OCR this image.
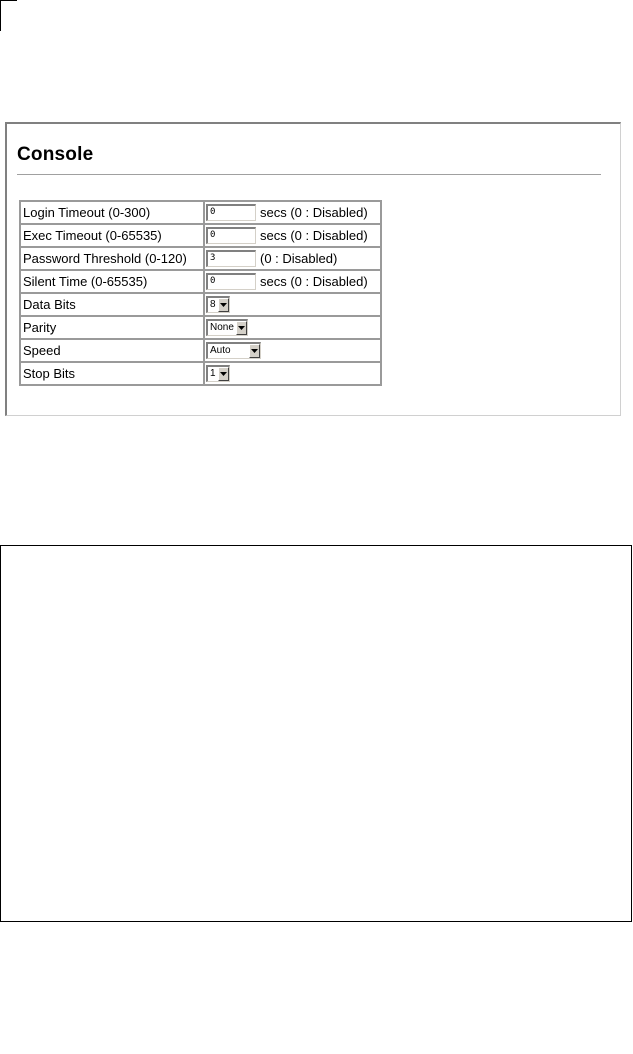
Console
Login Timeout (0-300)	0 secs (0 : Disabled)
Exec Timeout (0-65535)	0 secs (0 : Disabled)
Password Threshold (0-120)	3 (0 : Disabled)
Silent Time (0-65535)	0 secs (0 : Disabled)
Data Bits	8

Parity	None

Speed	Auto

Stop Bits	1
